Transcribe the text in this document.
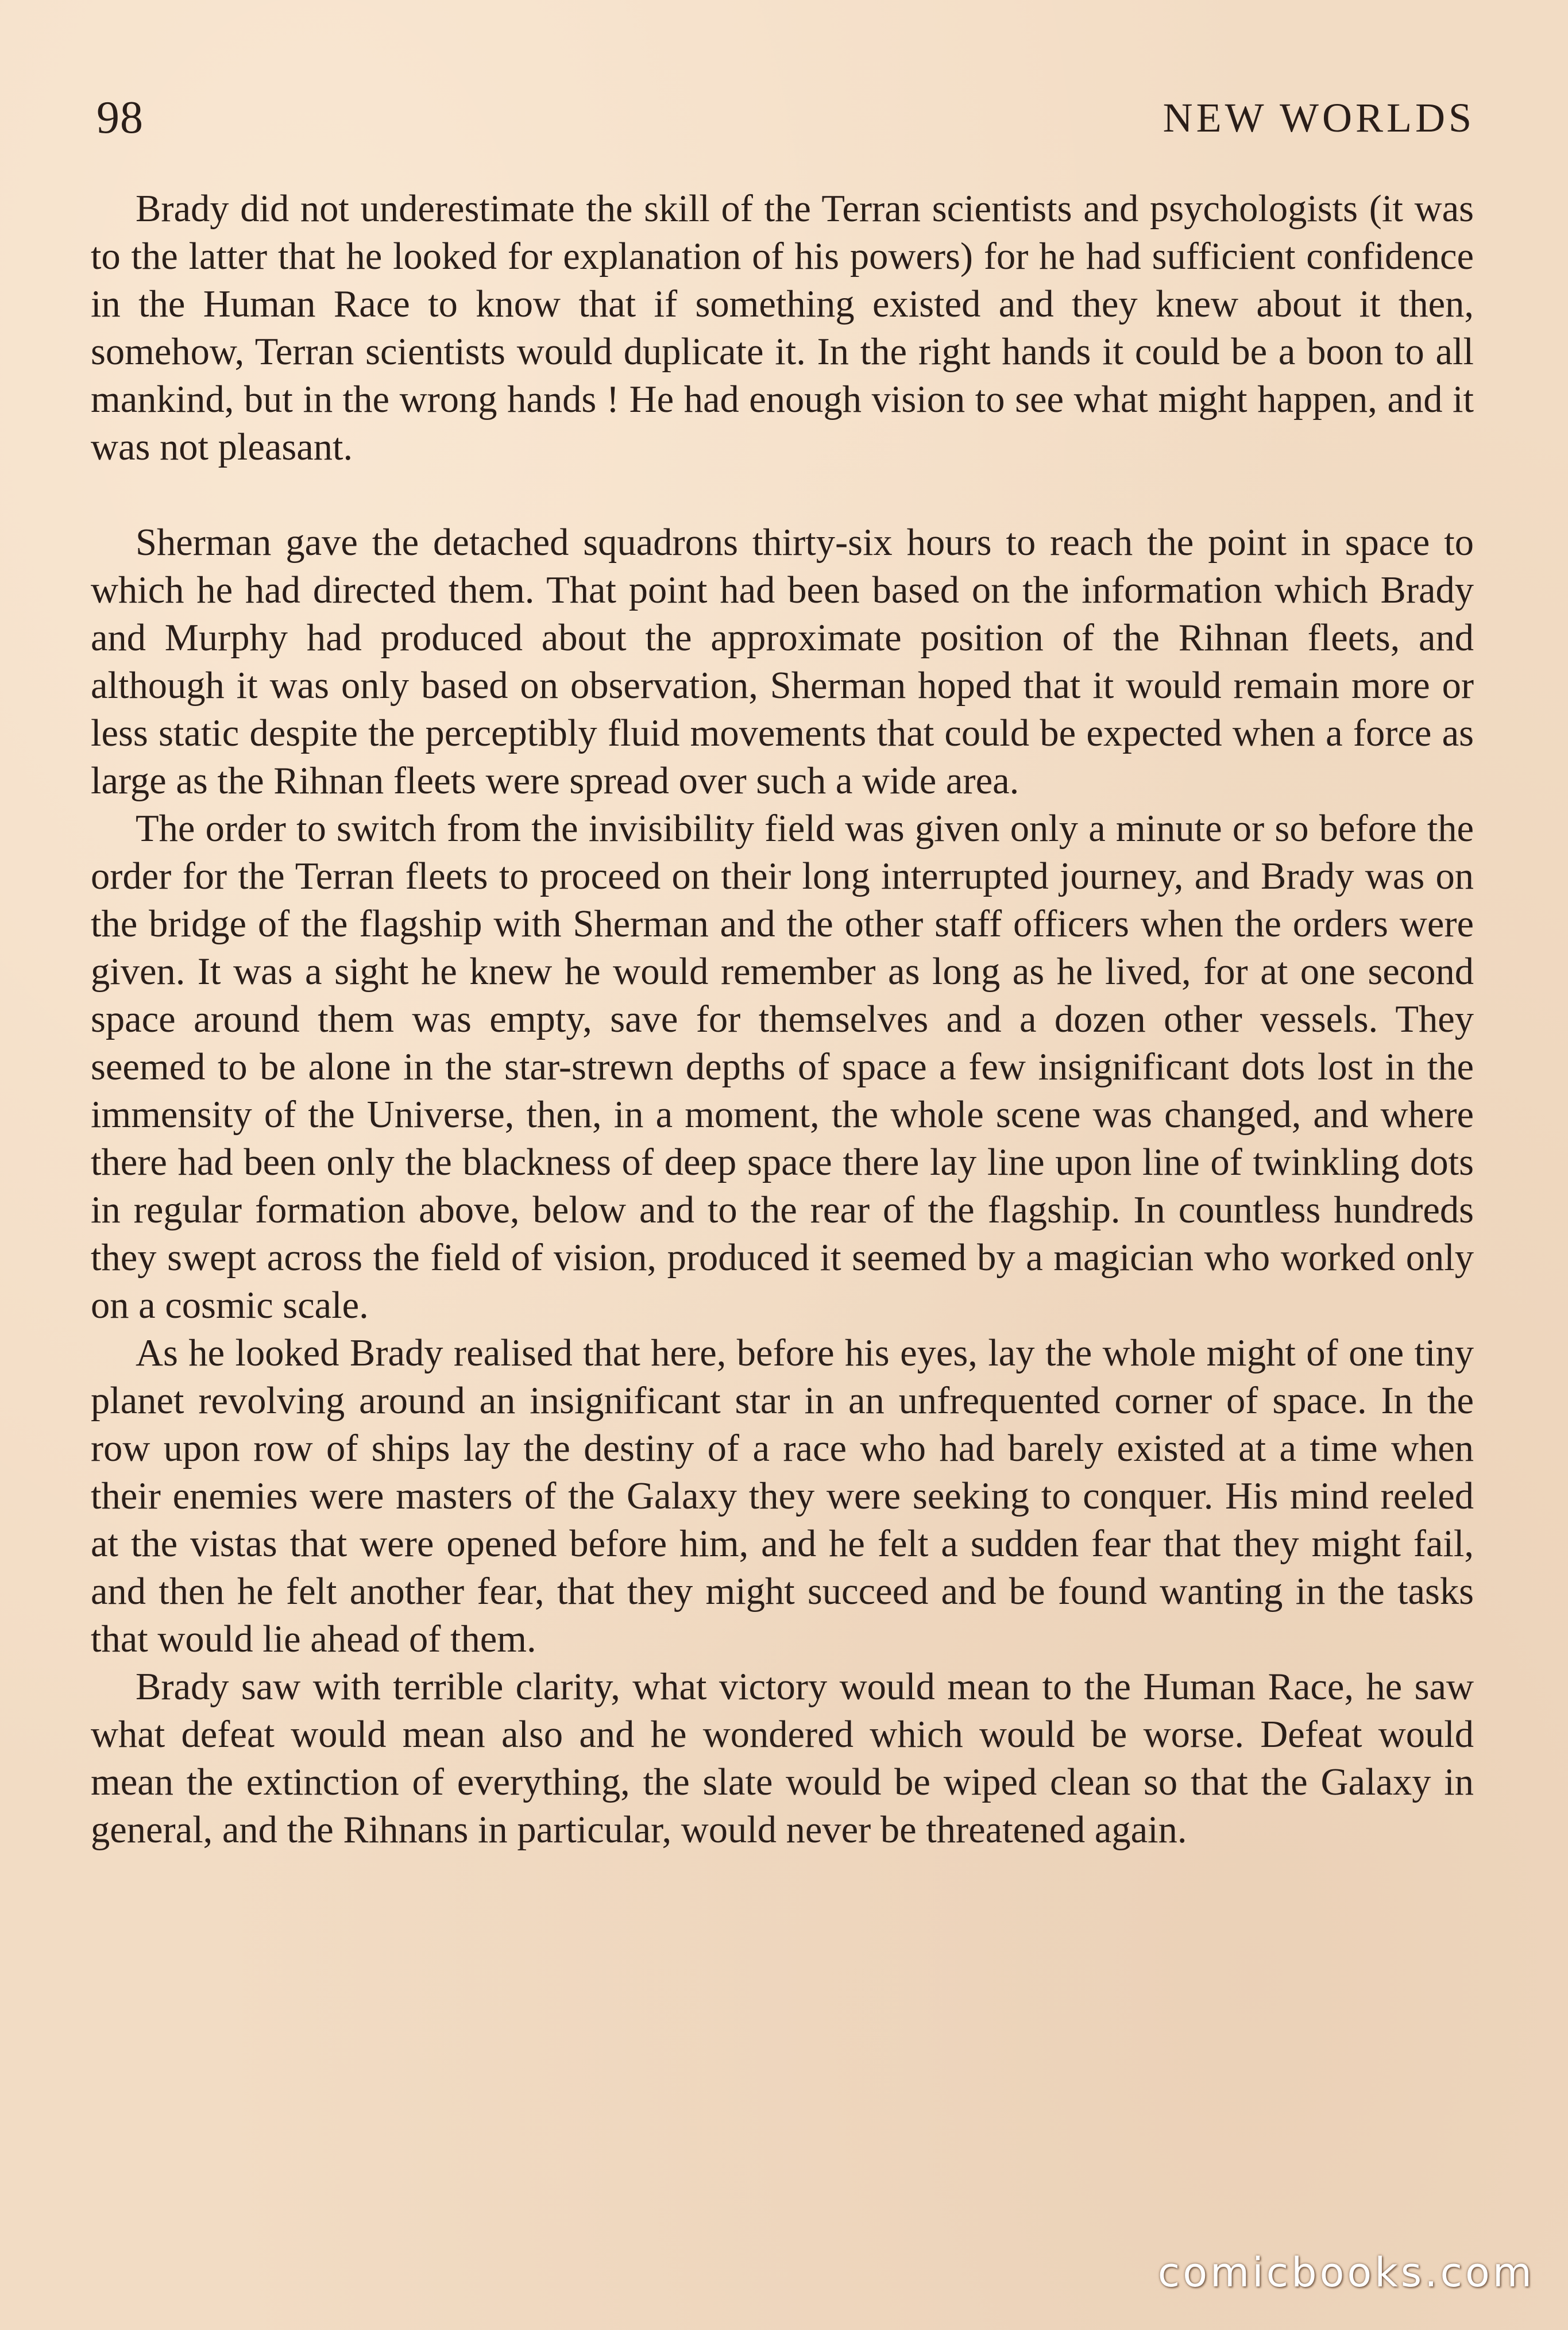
98	NEW WORLDS

Brady did not underestimate the skill of the Terran scientists and psychologists (it was to the latter that he looked for explanation of his powers) for he had sufficient confidence in the Human Race to know that if something existed and they knew about it then, somehow, Terran scientists would duplicate it. In the right hands it could be a boon to all mankind, but in the wrong hands ! He had enough vision to see what might happen, and it was not pleasant.

Sherman gave the detached squadrons thirty-six hours to reach the point in space to which he had directed them. That point had been based on the information which Brady and Murphy had produced about the approximate position of the Rihnan fleets, and although it was only based on observation, Sherman hoped that it would remain more or less static despite the perceptibly fluid movements that could be expected when a force as large as the Rihnan fleets were spread over such a wide area.

The order to switch from the invisibility field was given only a minute or so before the order for the Terran fleets to proceed on their long interrupted journey, and Brady was on the bridge of the flagship with Sherman and the other staff officers when the orders were given. It was a sight he knew he would remember as long as he lived, for at one second space around them was empty, save for themselves and a dozen other vessels. They seemed to be alone in the star-strewn depths of space a few insignificant dots lost in the immensity of the Universe, then, in a moment, the whole scene was changed, and where there had been only the blackness of deep space there lay line upon line of twinkling dots in regular formation above, below and to the rear of the flagship. In countless hundreds they swept across the field of vision, produced it seemed by a magician who worked only on a cosmic scale.

As he looked Brady realised that here, before his eyes, lay the whole might of one tiny planet revolving around an insignificant star in an unfrequented corner of space. In the row upon row of ships lay the destiny of a race who had barely existed at a time when their enemies were masters of the Galaxy they were seeking to conquer. His mind reeled at the vistas that were opened before him, and he felt a sudden fear that they might fail, and then he felt another fear, that they might succeed and be found wanting in the tasks that would lie ahead of them.

Brady saw with terrible clarity, what victory would mean to the Human Race, he saw what defeat would mean also and he wondered which would be worse. Defeat would mean the extinction of everything, the slate would be wiped clean so that the Galaxy in general, and the Rihnans in particular, would never be threatened again.

comicbooks.com
